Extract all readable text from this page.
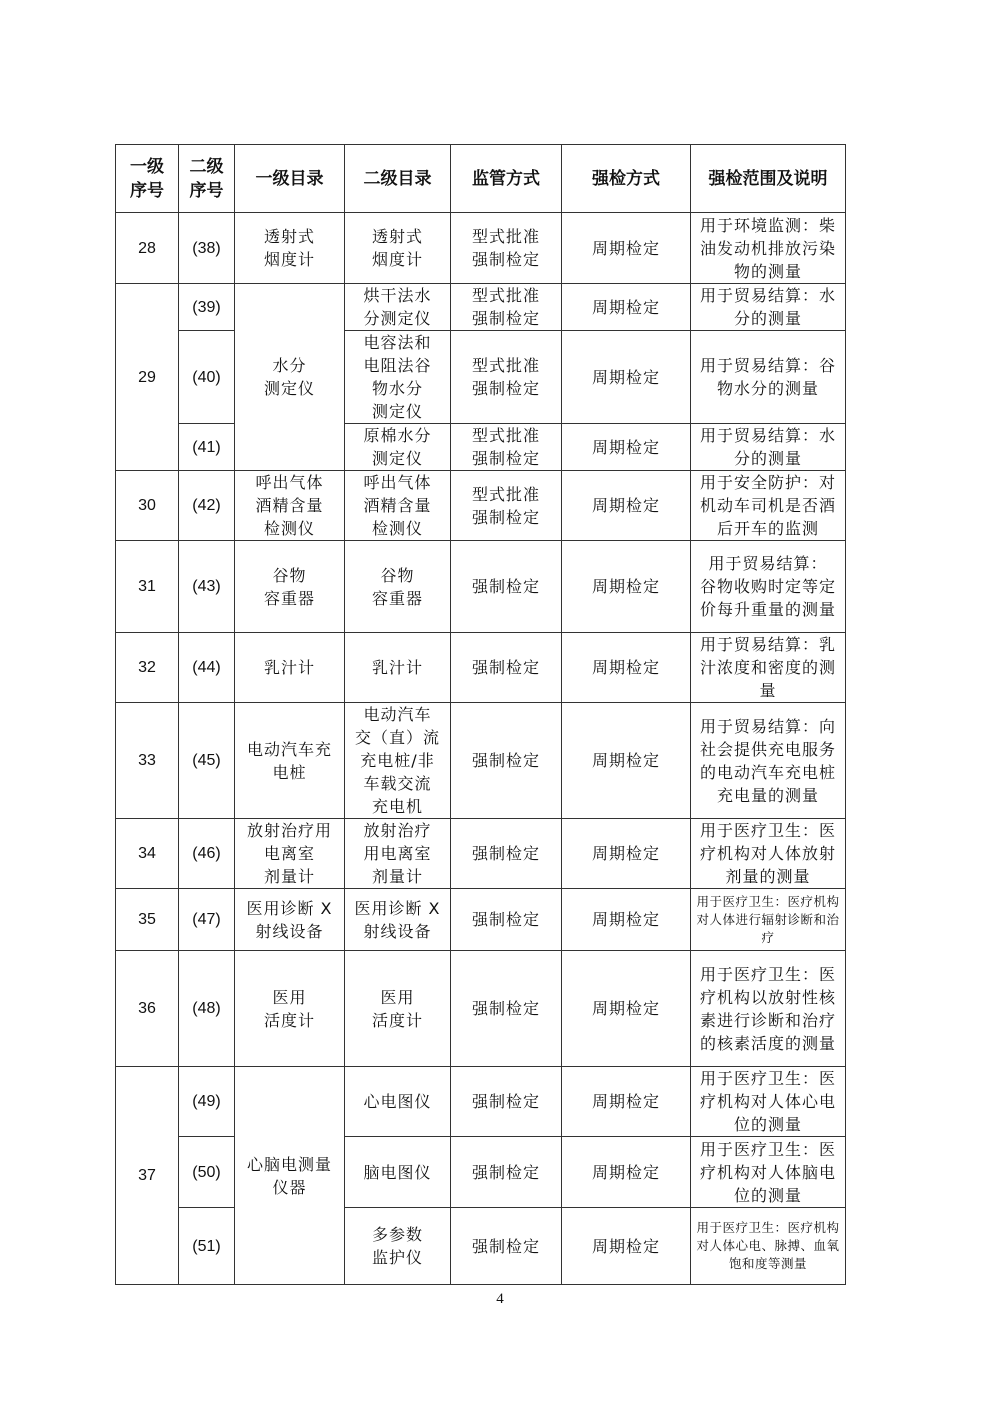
一级
序号	二级
序号	一级目录	二级目录	监管方式	强检方式	强检范围及说明
28	(38)	透射式
烟度计	透射式
烟度计	型式批准
强制检定	周期检定	用于环境监测：柴油发动机排放污染物的测量
29	(39)	水分
测定仪	烘干法水
分测定仪	型式批准
强制检定	周期检定	用于贸易结算：水分的测量
	(40)		电容法和
电阻法谷
物水分
测定仪	型式批准
强制检定	周期检定	用于贸易结算：谷物水分的测量
	(41)		原棉水分
测定仪	型式批准
强制检定	周期检定	用于贸易结算：水分的测量
30	(42)	呼出气体
酒精含量
检测仪	呼出气体
酒精含量
检测仪	型式批准
强制检定	周期检定	用于安全防护：对机动车司机是否酒后开车的监测
31	(43)	谷物
容重器	谷物
容重器	强制检定	周期检定	用于贸易结算：
谷物收购时定等定价每升重量的测量
32	(44)	乳汁计	乳汁计	强制检定	周期检定	用于贸易结算：乳汁浓度和密度的测量
33	(45)	电动汽车充
电桩	电动汽车
交（直）流
充电桩/非
车载交流
充电机	强制检定	周期检定	用于贸易结算：向社会提供充电服务的电动汽车充电桩充电量的测量
34	(46)	放射治疗用
电离室
剂量计	放射治疗
用电离室
剂量计	强制检定	周期检定	用于医疗卫生：医疗机构对人体放射剂量的测量
35	(47)	医用诊断 X
射线设备	医用诊断 X
射线设备	强制检定	周期检定	用于医疗卫生：医疗机构对人体进行辐射诊断和治疗
36	(48)	医用
活度计	医用
活度计	强制检定	周期检定	用于医疗卫生：医疗机构以放射性核素进行诊断和治疗的核素活度的测量
37	(49)	心脑电测量
仪器	心电图仪	强制检定	周期检定	用于医疗卫生：医疗机构对人体心电位的测量
	(50)		脑电图仪	强制检定	周期检定	用于医疗卫生：医疗机构对人体脑电位的测量
	(51)		多参数
监护仪	强制检定	周期检定	用于医疗卫生：医疗机构对人体心电、脉搏、血氧饱和度等测量
4
